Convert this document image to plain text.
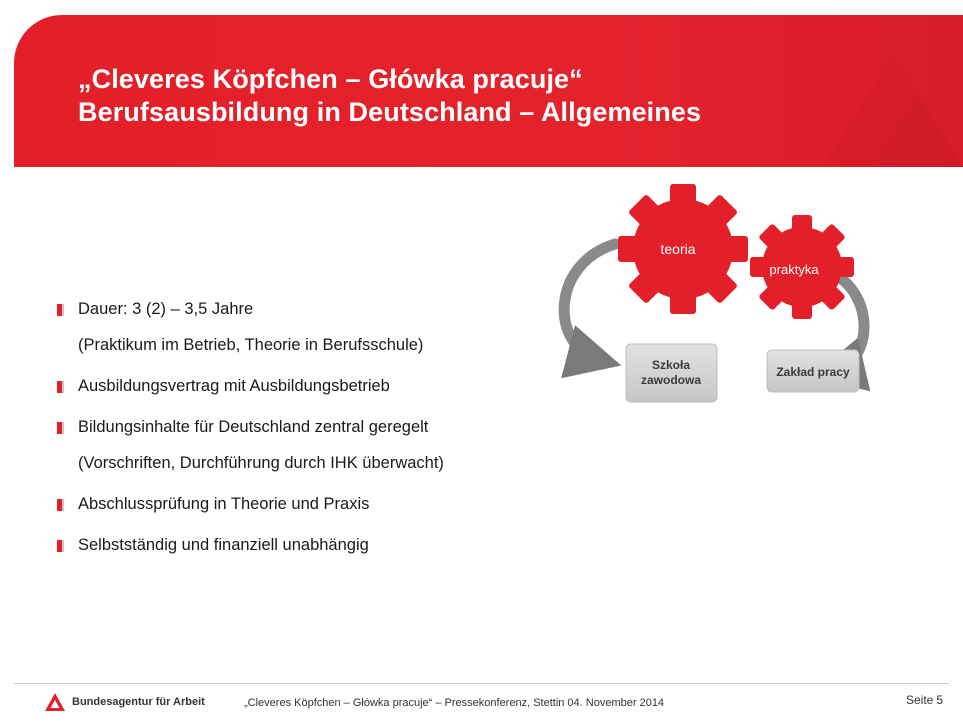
„Cleveres Köpfchen – Główka pracuje“
Berufsausbildung in Deutschland – Allgemeines
Dauer: 3 (2) – 3,5 Jahre
(Praktikum im Betrieb, Theorie in Berufsschule)
Ausbildungsvertrag mit Ausbildungsbetrieb
Bildungsinhalte für Deutschland zentral geregelt
(Vorschriften, Durchführung durch IHK überwacht)
Abschlussprüfung in Theorie und Praxis
Selbstständig und finanziell unabhängig
teoria
praktyka
Szkoła
zawodowa
Zakład pracy
Bundesagentur für Arbeit	„Cleveres Köpfchen – Główka pracuje“ – Pressekonferenz, Stettin 04. November 2014	Seite 5
